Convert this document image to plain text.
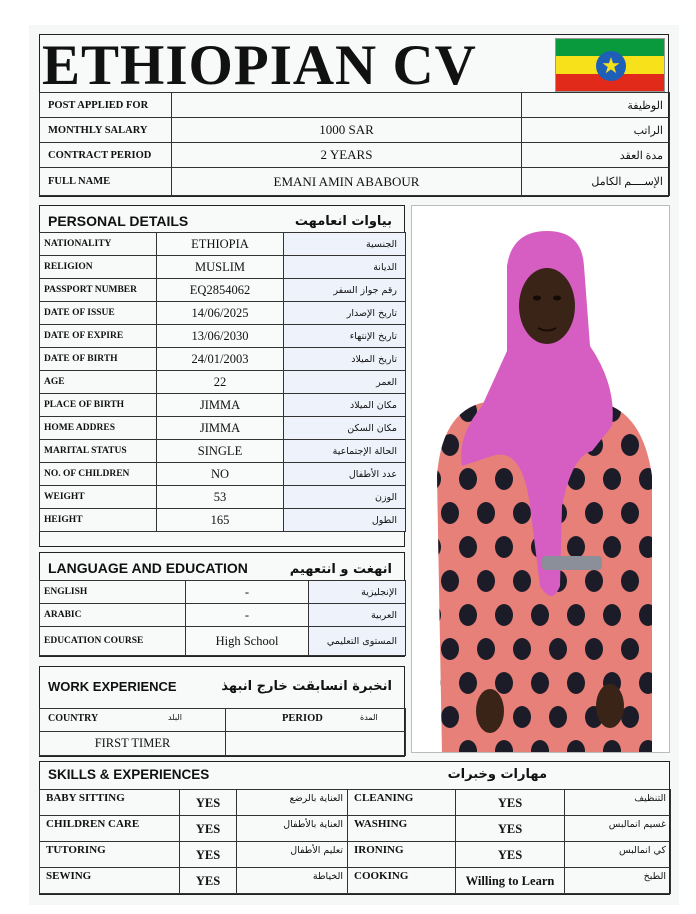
ETHIOPIAN CV	★
POST APPLIED FOR		الوظيفة
MONTHLY SALARY	1000 SAR	الراتب
CONTRACT PERIOD	2 YEARS	مدة العقد
FULL NAME	EMANI AMIN ABABOUR	الإســــم الكامل
PERSONAL DETAILS	بياوات انعامهت
NATIONALITY	ETHIOPIA	الجنسية
RELIGION	MUSLIM	الديانة
PASSPORT NUMBER	EQ2854062	رقم جواز السفر
DATE OF ISSUE	14/06/2025	تاريخ الإصدار
DATE OF EXPIRE	13/06/2030	تاريخ الإنتهاء
DATE OF BIRTH	24/01/2003	تاريخ الميلاد
AGE	22	العمر
PLACE OF BIRTH	JIMMA	مكان الميلاد
HOME ADDRES	JIMMA	مكان السكن
MARITAL STATUS	SINGLE	الحالة الإجتماعية
NO. OF CHILDREN	NO	عدد الأطفال
WEIGHT	53	الوزن
HEIGHT	165	الطول
LANGUAGE AND EDUCATION	انهغت و انتعهيم
ENGLISH	-	الإنجليزية
ARABIC	-	العربية
EDUCATION COURSE	High School	المستوى التعليمي
WORK EXPERIENCE	انخبرة انسابقت خارج انبهذ
COUNTRY البلد	PERIOD المدة

FIRST TIMER	
SKILLS & EXPERIENCES	مهارات وخبرات
BABY SITTING	YES	العناية بالرضع	CLEANING	YES	التنظيف
CHILDREN CARE	YES	العناية بالأطفال	WASHING	YES	غسيم انمالبس
TUTORING	YES	تعليم الأطفال	IRONING	YES	كي انمالبس
SEWING	YES	الخياطة	COOKING	Willing to Learn	الطبخ
